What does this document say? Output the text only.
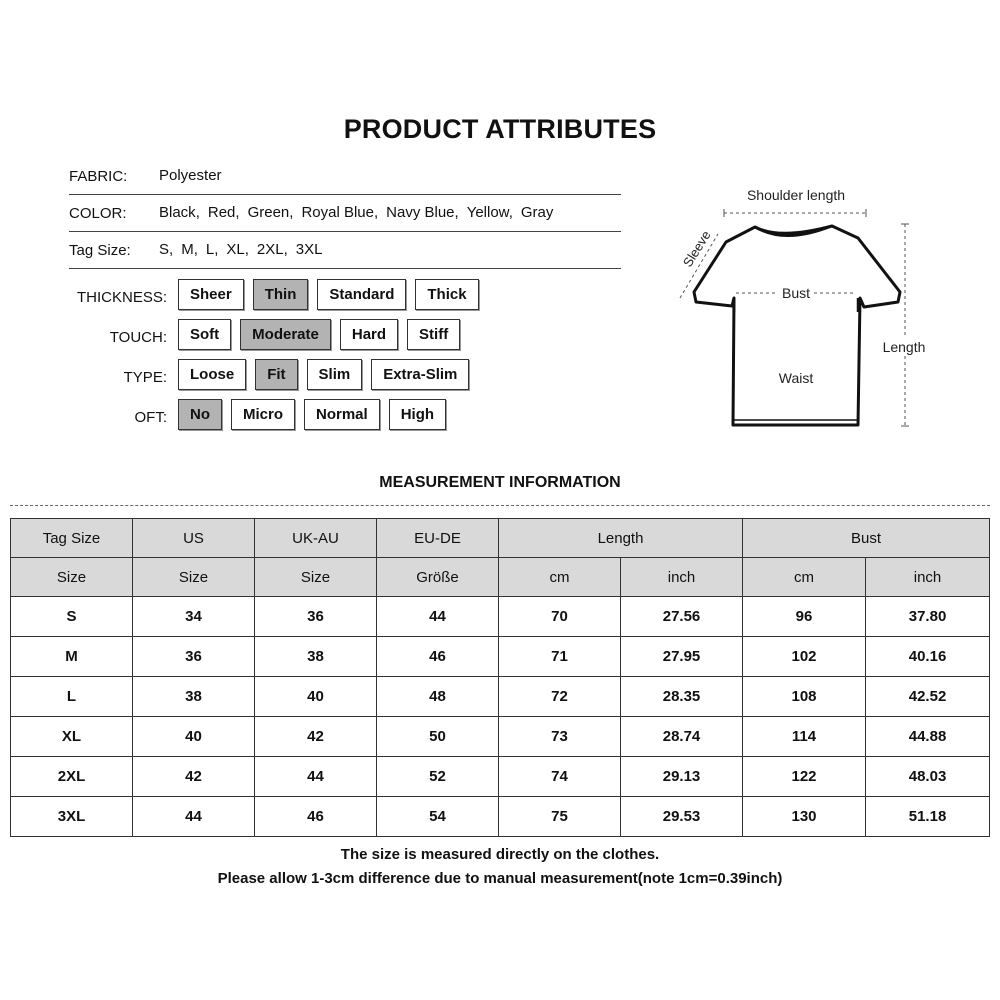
PRODUCT ATTRIBUTES
FABRIC: Polyester
COLOR: Black, Red, Green, Royal Blue, Navy Blue, Yellow, Gray
Tag Size: S, M, L, XL, 2XL, 3XL
THICKNESS:	Sheer	Thin	Standard	Thick
TOUCH:	Soft	Moderate	Hard	Stiff
TYPE:	Loose	Fit	Slim	Extra-Slim
OFT:	No	Micro	Normal	High
Shoulder length
Sleeve
Bust
Length
Waist
MEASUREMENT INFORMATION
Tag Size	US	UK-AU	EU-DE	Length		Bust	
Size	Size	Size	Größe	cm	inch	cm	inch
S	34	36	44	70	27.56	96	37.80
M	36	38	46	71	27.95	102	40.16
L	38	40	48	72	28.35	108	42.52
XL	40	42	50	73	28.74	114	44.88
2XL	42	44	52	74	29.13	122	48.03
3XL	44	46	54	75	29.53	130	51.18
The size is measured directly on the clothes.
Please allow 1-3cm difference due to manual measurement(note 1cm=0.39inch)
